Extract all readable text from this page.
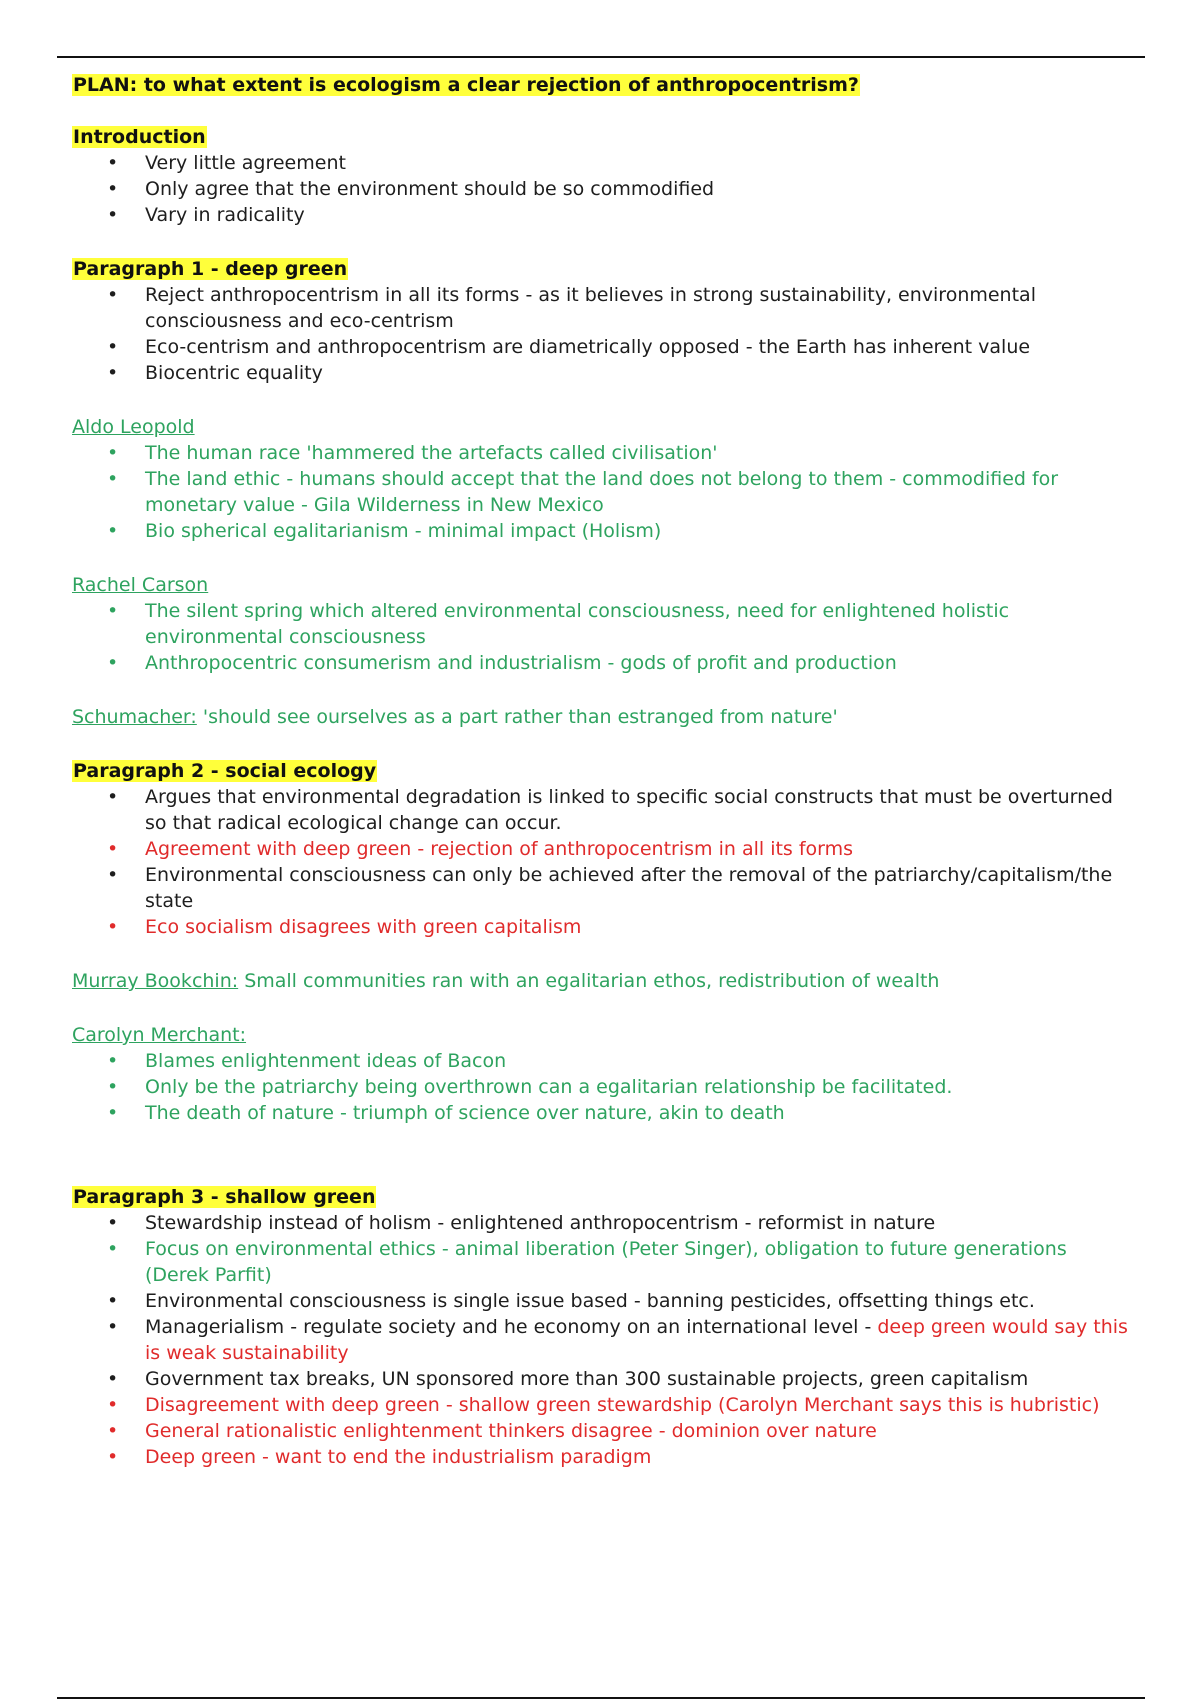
PLAN: to what extent is ecologism a clear rejection of anthropocentrism?

Introduction

• Very little agreement
• Only agree that the environment should be so commodified
• Vary in radicality

Paragraph 1 - deep green

• Reject anthropocentrism in all its forms - as it believes in strong sustainability, environmental consciousness and eco-centrism
• Eco-centrism and anthropocentrism are diametrically opposed - the Earth has inherent value
• Biocentric equality

Aldo Leopold

• The human race 'hammered the artefacts called civilisation'
• The land ethic - humans should accept that the land does not belong to them - commodified for monetary value - Gila Wilderness in New Mexico
• Bio spherical egalitarianism - minimal impact (Holism)

Rachel Carson

• The silent spring which altered environmental consciousness, need for enlightened holistic environmental consciousness
• Anthropocentric consumerism and industrialism - gods of profit and production

Schumacher: 'should see ourselves as a part rather than estranged from nature'

Paragraph 2 - social ecology

• Argues that environmental degradation is linked to specific social constructs that must be overturned so that radical ecological change can occur.
• Agreement with deep green - rejection of anthropocentrism in all its forms
• Environmental consciousness can only be achieved after the removal of the patriarchy/capitalism/the state
• Eco socialism disagrees with green capitalism

Murray Bookchin: Small communities ran with an egalitarian ethos, redistribution of wealth

Carolyn Merchant:

• Blames enlightenment ideas of Bacon
• Only be the patriarchy being overthrown can a egalitarian relationship be facilitated.
• The death of nature - triumph of science over nature, akin to death

Paragraph 3 - shallow green

• Stewardship instead of holism - enlightened anthropocentrism - reformist in nature
• Focus on environmental ethics - animal liberation (Peter Singer), obligation to future generations (Derek Parfit)
• Environmental consciousness is single issue based - banning pesticides, offsetting things etc.
• Managerialism - regulate society and he economy on an international level - deep green would say this is weak sustainability
• Government tax breaks, UN sponsored more than 300 sustainable projects, green capitalism
• Disagreement with deep green - shallow green stewardship (Carolyn Merchant says this is hubristic)
• General rationalistic enlightenment thinkers disagree - dominion over nature
• Deep green - want to end the industrialism paradigm
